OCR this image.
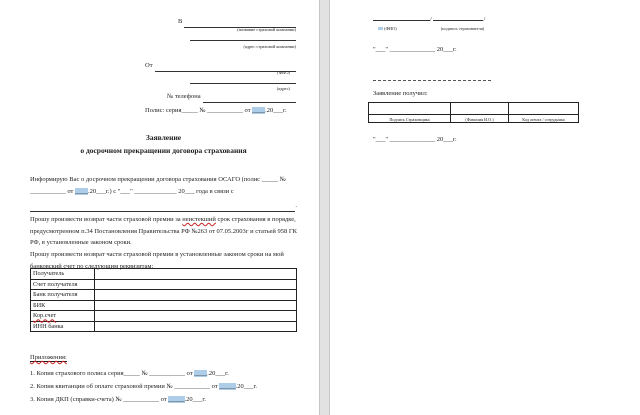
В
(название страховой компании)
(адрес страховой компании)
От
(ФИО)
(адрес)
№ телефона
Полис: серия_____ № ___________ от ____.20___г.
Заявление
о досрочном прекращении договора страхования
Информирую Вас о досрочном прекращении договора страхования ОСАГО (полис _____ № ___________ от ____.20___г.) с "___" _____________ 20___ года в связи с
.
Прошу произвести возврат части страховой премии за неистекший срок страхования в порядке, предусмотренном п.34 Постановления Правительства РФ №263 от 07.05.2003г и статьей 958 ГК РФ, в установленные законом сроки.
Прошу произвести возврат части страховой премии в установленные законом сроки на мой банковский счет по следующим реквизитам:
Получатель	
Счет получателя	
Банк получателя	
БИК	
Кор.счет	
ИНН банка	
Приложения:
1. Копия страхового полиса серия_____ № ___________ от ____.20___г.
2. Копия квитанции об оплате страховой премии № ___________ от _____.20___г.
3. Копия ДКП (справки-счета) № ___________ от _____.20___г.
/	/
(ФИО)	(подпись страхователя)
"___" ______________ 20___г.
Заявление получил:

Подпись Страховщика	(Фамилия И.О.)	Код агента / сотрудника
"___" ______________ 20___г.
